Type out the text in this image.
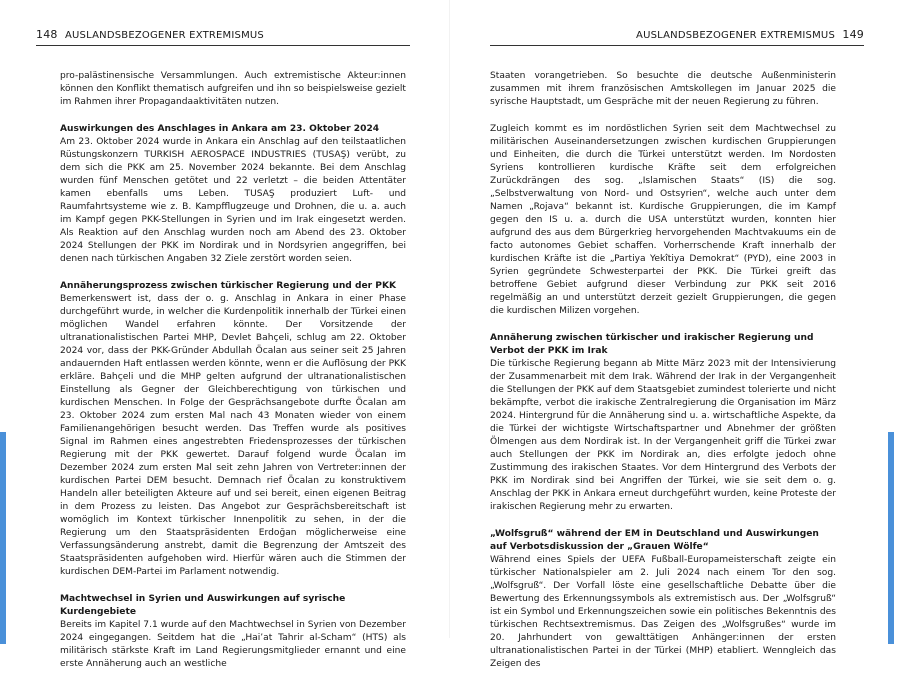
148 AUSLANDSBEZOGENER EXTREMISMUS

pro-palästinensische Versammlungen. Auch extremistische Akteur:innen können den Konflikt thematisch aufgreifen und ihn so beispielsweise gezielt im Rahmen ihrer Propagandaaktivitäten nutzen.

Auswirkungen des Anschlages in Ankara am 23. Oktober 2024

Am 23. Oktober 2024 wurde in Ankara ein Anschlag auf den teilstaatlichen Rüstungskonzern TURKISH AEROSPACE INDUSTRIES (TUSAŞ) verübt, zu dem sich die PKK am 25. November 2024 bekannte. Bei dem Anschlag wurden fünf Menschen getötet und 22 verletzt – die beiden Attentäter kamen ebenfalls ums Leben. TUSAŞ produziert Luft- und Raumfahrtsysteme wie z. B. Kampfflugzeuge und Drohnen, die u. a. auch im Kampf gegen PKK-Stellungen in Syrien und im Irak eingesetzt werden. Als Reaktion auf den Anschlag wurden noch am Abend des 23. Oktober 2024 Stellungen der PKK im Nordirak und in Nordsyrien angegriffen, bei denen nach türkischen Angaben 32 Ziele zerstört worden seien.

Annäherungsprozess zwischen türkischer Regierung und der PKK

Bemerkenswert ist, dass der o. g. Anschlag in Ankara in einer Phase durchgeführt wurde, in welcher die Kurdenpolitik innerhalb der Türkei einen möglichen Wandel erfahren könnte. Der Vorsitzende der ultranationalistischen Partei MHP, Devlet Bahçeli, schlug am 22. Oktober 2024 vor, dass der PKK-Gründer Abdullah Öcalan aus seiner seit 25 Jahren andauernden Haft entlassen werden könnte, wenn er die Auflösung der PKK erkläre. Bahçeli und die MHP gelten aufgrund der ultranationalistischen Einstellung als Gegner der Gleichberechtigung von türkischen und kurdischen Menschen. In Folge der Gesprächsangebote durfte Öcalan am 23. Oktober 2024 zum ersten Mal nach 43 Monaten wieder von einem Familienangehörigen besucht werden. Das Treffen wurde als positives Signal im Rahmen eines angestrebten Friedensprozesses der türkischen Regierung mit der PKK gewertet. Darauf folgend wurde Öcalan im Dezember 2024 zum ersten Mal seit zehn Jahren von Vertreter:innen der kurdischen Partei DEM besucht. Demnach rief Öcalan zu konstruktivem Handeln aller beteiligten Akteure auf und sei bereit, einen eigenen Beitrag in dem Prozess zu leisten. Das Angebot zur Gesprächsbereitschaft ist womöglich im Kontext türkischer Innenpolitik zu sehen, in der die Regierung um den Staatspräsidenten Erdoğan möglicherweise eine Verfassungsänderung anstrebt, damit die Begrenzung der Amtszeit des Staatspräsidenten aufgehoben wird. Hierfür wären auch die Stimmen der kurdischen DEM-Partei im Parlament notwendig.

Machtwechsel in Syrien und Auswirkungen auf syrische Kurdengebiete

Bereits im Kapitel 7.1 wurde auf den Machtwechsel in Syrien von Dezember 2024 eingegangen. Seitdem hat die „Hai’at Tahrir al-Scham“ (HTS) als militärisch stärkste Kraft im Land Regierungsmitglieder ernannt und eine erste Annäherung auch an westliche

AUSLANDSBEZOGENER EXTREMISMUS 149

Staaten vorangetrieben. So besuchte die deutsche Außenministerin zusammen mit ihrem französischen Amtskollegen im Januar 2025 die syrische Hauptstadt, um Gespräche mit der neuen Regierung zu führen.

Zugleich kommt es im nordöstlichen Syrien seit dem Machtwechsel zu militärischen Auseinandersetzungen zwischen kurdischen Gruppierungen und Einheiten, die durch die Türkei unterstützt werden. Im Nordosten Syriens kontrollieren kurdische Kräfte seit dem erfolgreichen Zurückdrängen des sog. „Islamischen Staats“ (IS) die sog. „Selbstverwaltung von Nord- und Ostsyrien“, welche auch unter dem Namen „Rojava“ bekannt ist. Kurdische Gruppierungen, die im Kampf gegen den IS u. a. durch die USA unterstützt wurden, konnten hier aufgrund des aus dem Bürgerkrieg hervorgehenden Machtvakuums ein de facto autonomes Gebiet schaffen. Vorherrschende Kraft innerhalb der kurdischen Kräfte ist die „Partiya Yekîtiya Demokrat“ (PYD), eine 2003 in Syrien gegründete Schwesterpartei der PKK. Die Türkei greift das betroffene Gebiet aufgrund dieser Verbindung zur PKK seit 2016 regelmäßig an und unterstützt derzeit gezielt Gruppierungen, die gegen die kurdischen Milizen vorgehen.

Annäherung zwischen türkischer und irakischer Regierung und Verbot der PKK im Irak

Die türkische Regierung begann ab Mitte März 2023 mit der Intensivierung der Zusammenarbeit mit dem Irak. Während der Irak in der Vergangenheit die Stellungen der PKK auf dem Staatsgebiet zumindest tolerierte und nicht bekämpfte, verbot die irakische Zentralregierung die Organisation im März 2024. Hintergrund für die Annäherung sind u. a. wirtschaftliche Aspekte, da die Türkei der wichtigste Wirtschaftspartner und Abnehmer der größten Ölmengen aus dem Nordirak ist. In der Vergangenheit griff die Türkei zwar auch Stellungen der PKK im Nordirak an, dies erfolgte jedoch ohne Zustimmung des irakischen Staates. Vor dem Hintergrund des Verbots der PKK im Nordirak sind bei Angriffen der Türkei, wie sie seit dem o. g. Anschlag der PKK in Ankara erneut durchgeführt wurden, keine Proteste der irakischen Regierung mehr zu erwarten.

„Wolfsgruß“ während der EM in Deutschland und Auswirkungen auf Verbotsdiskussion der „Grauen Wölfe“

Während eines Spiels der UEFA Fußball-Europameisterschaft zeigte ein türkischer Nationalspieler am 2. Juli 2024 nach einem Tor den sog. „Wolfsgruß“. Der Vorfall löste eine gesellschaftliche Debatte über die Bewertung des Erkennungssymbols als extremistisch aus. Der „Wolfsgruß“ ist ein Symbol und Erkennungszeichen sowie ein politisches Bekenntnis des türkischen Rechtsextremismus. Das Zeigen des „Wolfsgrußes“ wurde im 20. Jahrhundert von gewalttätigen Anhänger:innen der ersten ultranationalistischen Partei in der Türkei (MHP) etabliert. Wenngleich das Zeigen des
